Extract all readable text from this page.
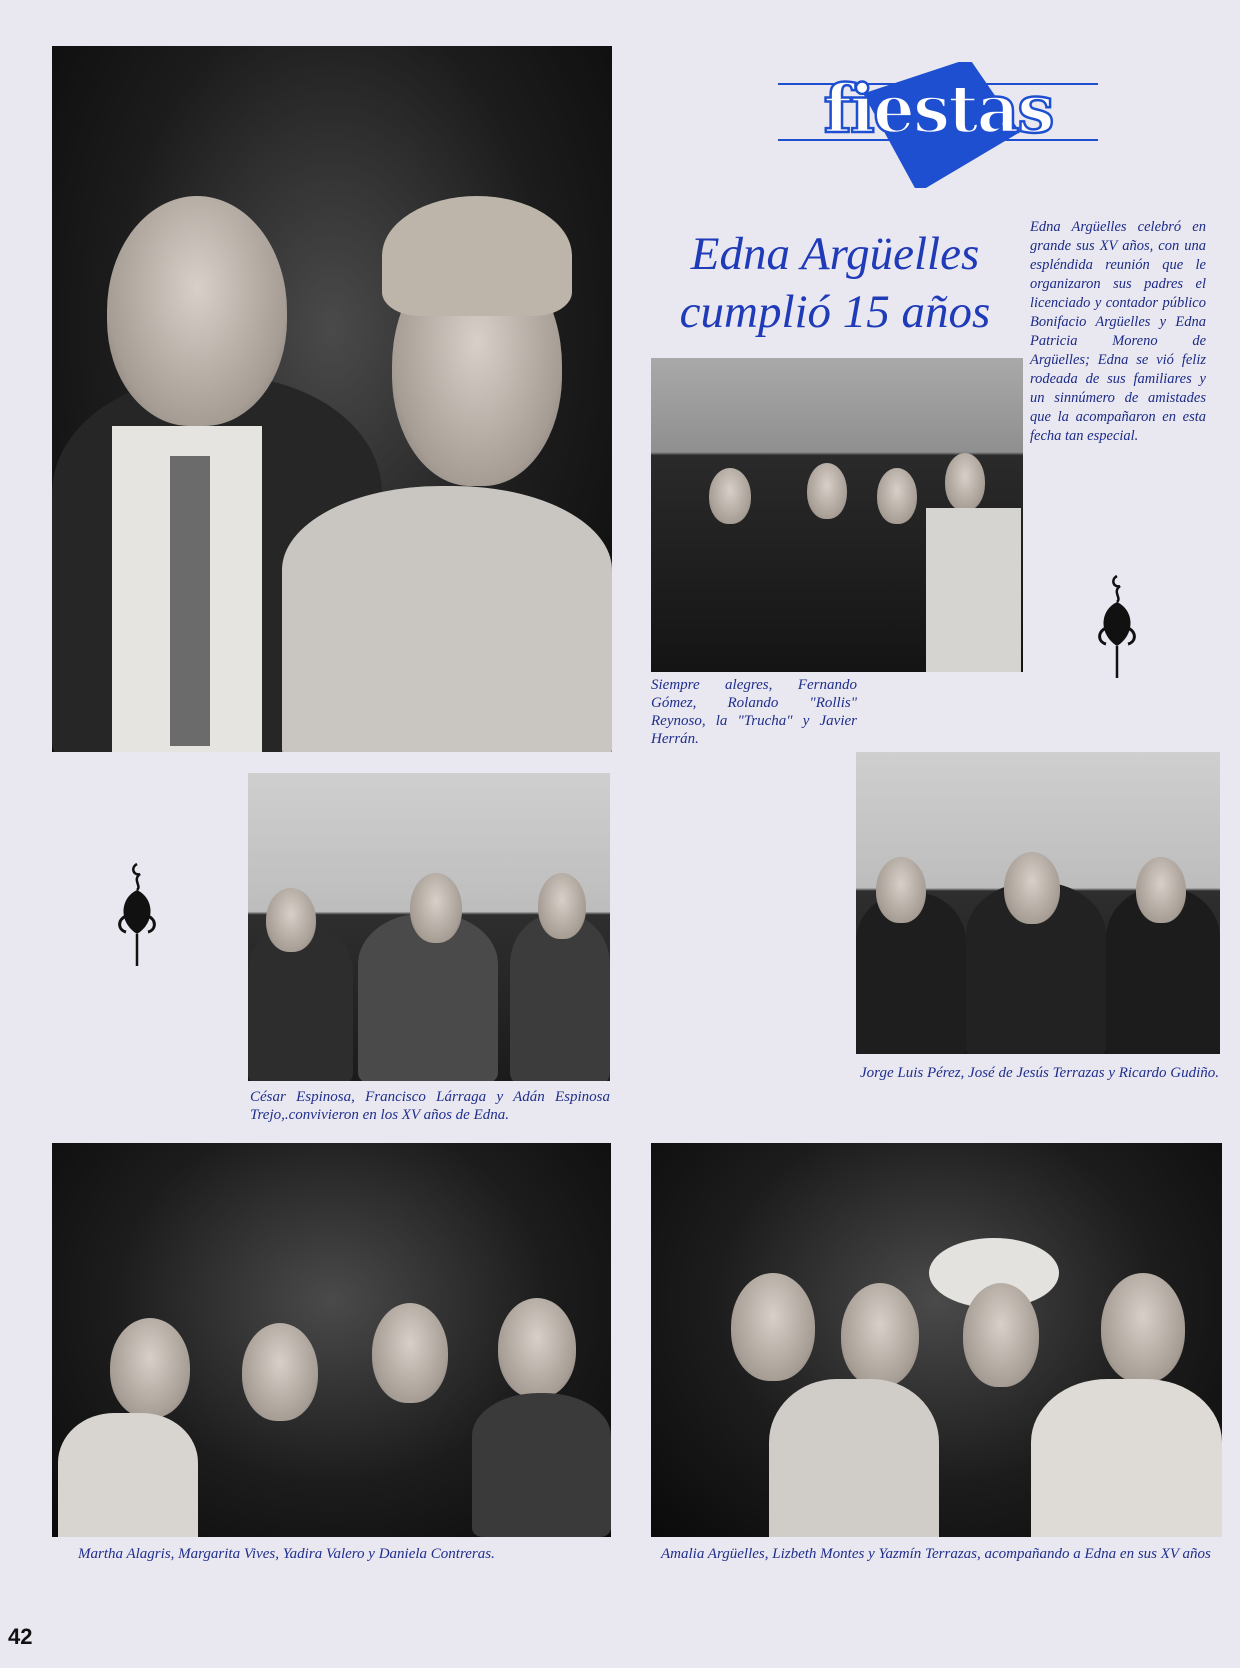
fiestas
Edna Argüelles
cumplió 15 años

Edna Argüelles celebró en grande sus XV años, con una espléndida reunión que le organizaron sus padres el licenciado y contador público Bonifacio Argüelles y Edna Patricia Moreno de Argüelles; Edna se vió feliz rodeada de sus familiares y un sinnúmero de amistades que la acompañaron en esta fecha tan especial.

Siempre alegres, Fernando Gómez, Rolando "Rollis" Reynoso, la "Trucha" y Javier Herrán.

César Espinosa, Francisco Lárraga y Adán Espinosa Trejo,.convivieron en los XV años de Edna.

Jorge Luis Pérez, José de Jesús Terrazas y Ricardo Gudiño.

Martha Alagris, Margarita Vives, Yadira Valero y Daniela Contreras.	Amalia Argüelles, Lizbeth Montes y Yazmín Terrazas, acompañando a Edna en sus XV años

42
